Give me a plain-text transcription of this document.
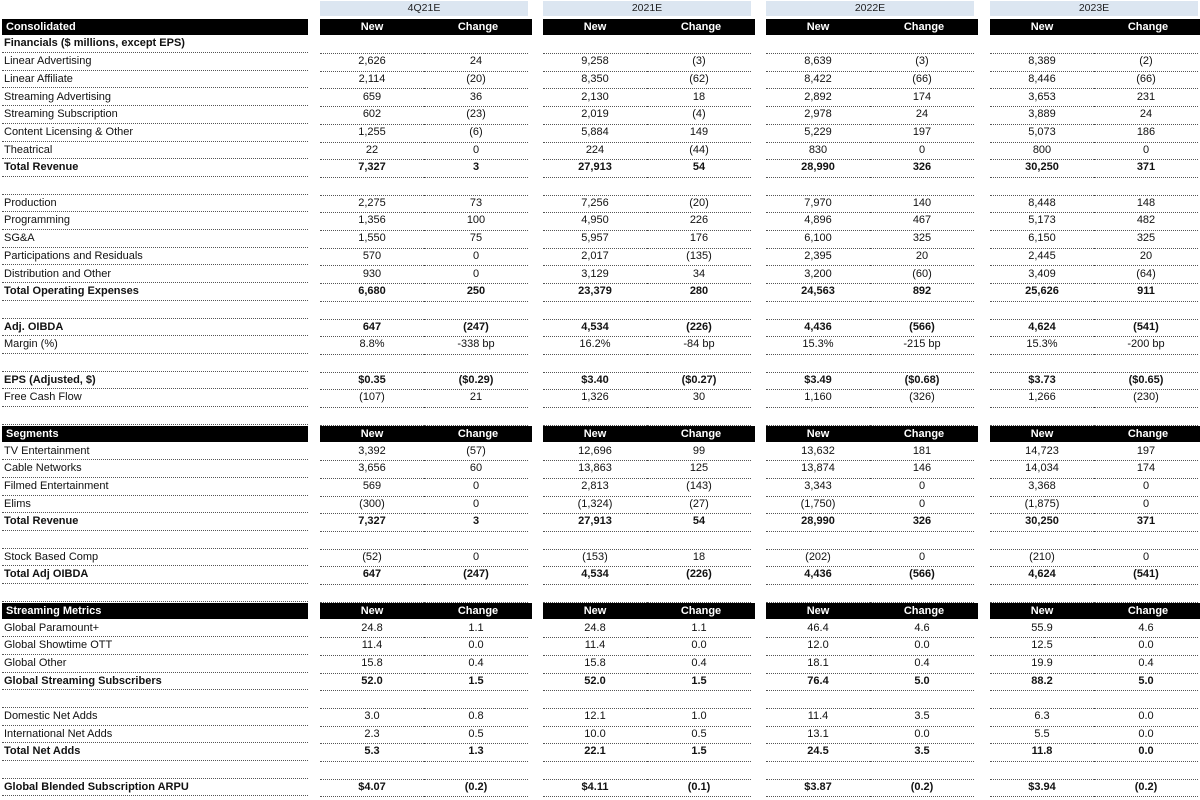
4Q21E	2021E	2022E	2023E
Consolidated	New	Change	New	Change	New	Change	New	Change
Financials ($ millions, except EPS)
Linear Advertising	2,626	24	9,258	(3)	8,639	(3)	8,389	(2)
Linear Affiliate	2,114	(20)	8,350	(62)	8,422	(66)	8,446	(66)
Streaming Advertising	659	36	2,130	18	2,892	174	3,653	231
Streaming Subscription	602	(23)	2,019	(4)	2,978	24	3,889	24
Content Licensing & Other	1,255	(6)	5,884	149	5,229	197	5,073	186
Theatrical	22	0	224	(44)	830	0	800	0
Total Revenue	7,327	3	27,913	54	28,990	326	30,250	371
Production	2,275	73	7,256	(20)	7,970	140	8,448	148
Programming	1,356	100	4,950	226	4,896	467	5,173	482
SG&A	1,550	75	5,957	176	6,100	325	6,150	325
Participations and Residuals	570	0	2,017	(135)	2,395	20	2,445	20
Distribution and Other	930	0	3,129	34	3,200	(60)	3,409	(64)
Total Operating Expenses	6,680	250	23,379	280	24,563	892	25,626	911
Adj. OIBDA	647	(247)	4,534	(226)	4,436	(566)	4,624	(541)
Margin (%)	8.8%	-338 bp	16.2%	-84 bp	15.3%	-215 bp	15.3%	-200 bp
EPS (Adjusted, $)	$0.35	($0.29)	$3.40	($0.27)	$3.49	($0.68)	$3.73	($0.65)
Free Cash Flow	(107)	21	1,326	30	1,160	(326)	1,266	(230)
Segments	New	Change	New	Change	New	Change	New	Change
TV Entertainment	3,392	(57)	12,696	99	13,632	181	14,723	197
Cable Networks	3,656	60	13,863	125	13,874	146	14,034	174
Filmed Entertainment	569	0	2,813	(143)	3,343	0	3,368	0
Elims	(300)	0	(1,324)	(27)	(1,750)	0	(1,875)	0
Total Revenue	7,327	3	27,913	54	28,990	326	30,250	371
Stock Based Comp	(52)	0	(153)	18	(202)	0	(210)	0
Total Adj OIBDA	647	(247)	4,534	(226)	4,436	(566)	4,624	(541)
Streaming Metrics	New	Change	New	Change	New	Change	New	Change
Global Paramount+	24.8	1.1	24.8	1.1	46.4	4.6	55.9	4.6
Global Showtime OTT	11.4	0.0	11.4	0.0	12.0	0.0	12.5	0.0
Global Other	15.8	0.4	15.8	0.4	18.1	0.4	19.9	0.4
Global Streaming Subscribers	52.0	1.5	52.0	1.5	76.4	5.0	88.2	5.0
Domestic Net Adds	3.0	0.8	12.1	1.0	11.4	3.5	6.3	0.0
International Net Adds	2.3	0.5	10.0	0.5	13.1	0.0	5.5	0.0
Total Net Adds	5.3	1.3	22.1	1.5	24.5	3.5	11.8	0.0
Global Blended Subscription ARPU	$4.07	(0.2)	$4.11	(0.1)	$3.87	(0.2)	$3.94	(0.2)
